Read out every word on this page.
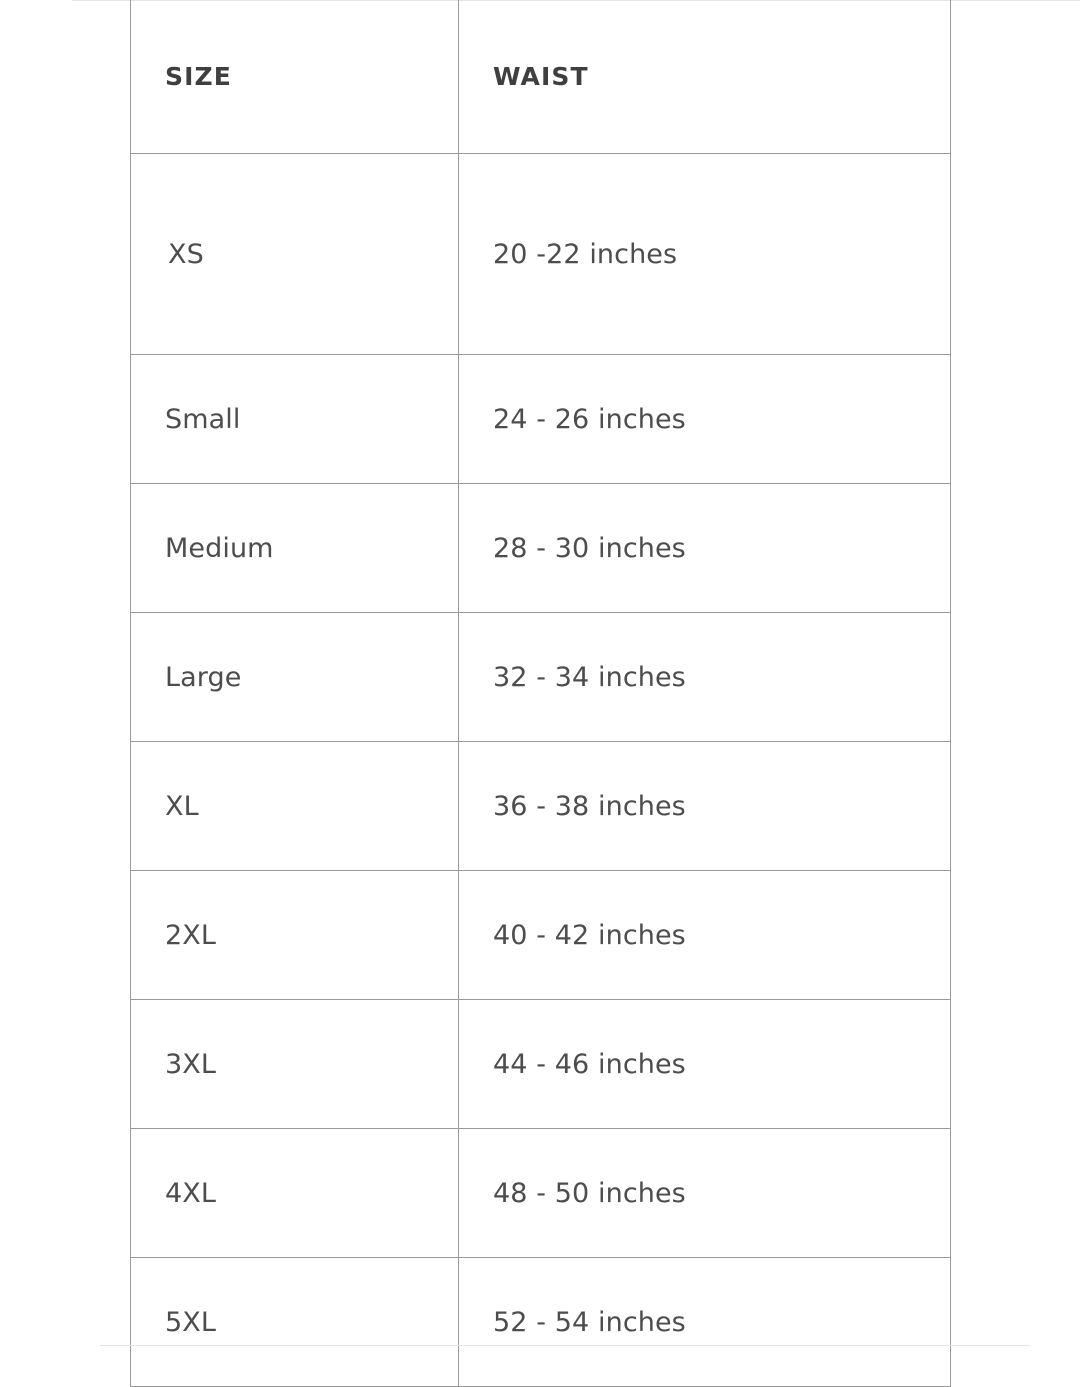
SIZE	WAIST
XS	20 -22 inches
Small	24 - 26 inches
Medium	28 - 30 inches
Large	32 - 34 inches
XL	36 - 38 inches
2XL	40 - 42 inches
3XL	44 - 46 inches
4XL	48 - 50 inches
5XL	52 - 54 inches
